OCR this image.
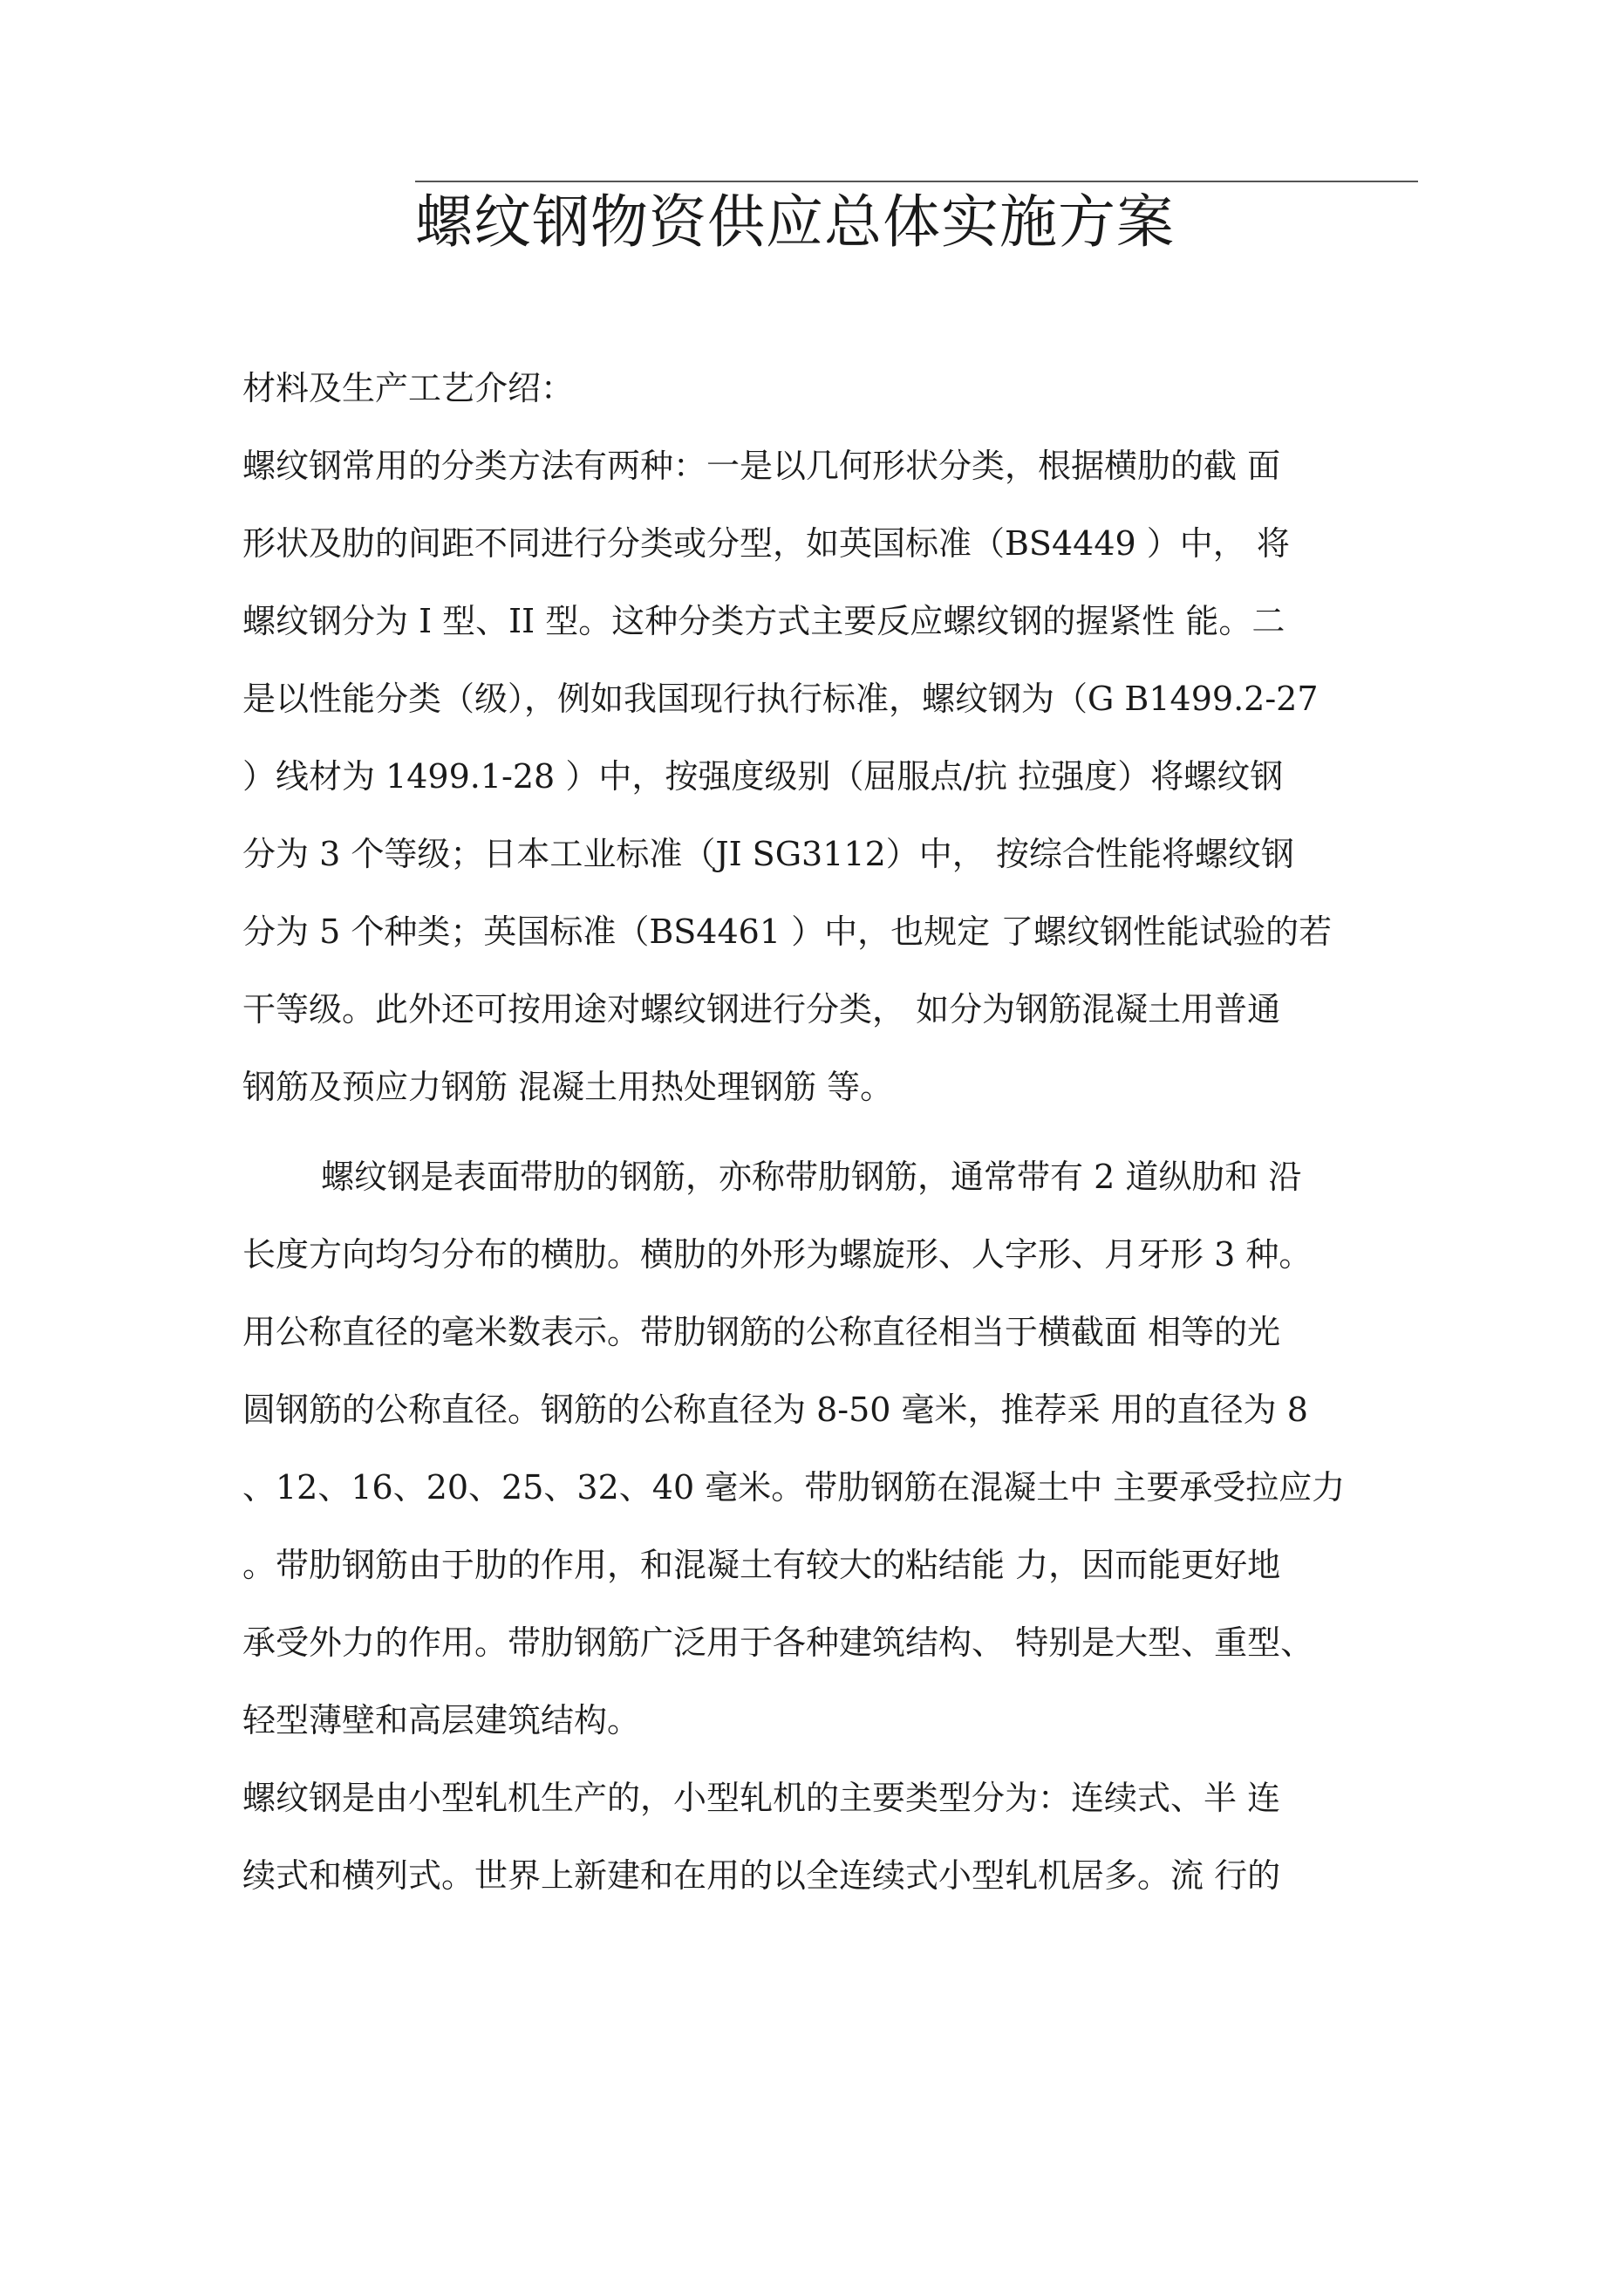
螺纹钢物资供应总体实施方案
材料及生产工艺介绍：
螺纹钢常用的分类方法有两种：一是以几何形状分类，根据横肋的截 面
形状及肋的间距不同进行分类或分型，如英国标准（BS4449 ）中， 将
螺纹钢分为 I 型、II 型。这种分类方式主要反应螺纹钢的握紧性 能。二
是以性能分类（级），例如我国现行执行标准，螺纹钢为（G B1499.2-27
）线材为 1499.1-28 ）中，按强度级别（屈服点/抗 拉强度）将螺纹钢
分为 3 个等级；日本工业标准（JI SG3112）中， 按综合性能将螺纹钢
分为 5 个种类；英国标准（BS4461 ）中，也规定 了螺纹钢性能试验的若
干等级。此外还可按用途对螺纹钢进行分类， 如分为钢筋混凝土用普通
钢筋及预应力钢筋 混凝土用热处理钢筋 等。
螺纹钢是表面带肋的钢筋，亦称带肋钢筋，通常带有 2 道纵肋和 沿
长度方向均匀分布的横肋。横肋的外形为螺旋形、人字形、月牙形 3 种。
用公称直径的毫米数表示。带肋钢筋的公称直径相当于横截面 相等的光
圆钢筋的公称直径。钢筋的公称直径为 8-50 毫米，推荐采 用的直径为 8
、12、16、20、25、32、40 毫米。带肋钢筋在混凝土中 主要承受拉应力
。带肋钢筋由于肋的作用，和混凝土有较大的粘结能 力，因而能更好地
承受外力的作用。带肋钢筋广泛用于各种建筑结构、 特别是大型、重型、
轻型薄壁和高层建筑结构。
螺纹钢是由小型轧机生产的，小型轧机的主要类型分为：连续式、半 连
续式和横列式。世界上新建和在用的以全连续式小型轧机居多。流 行的
